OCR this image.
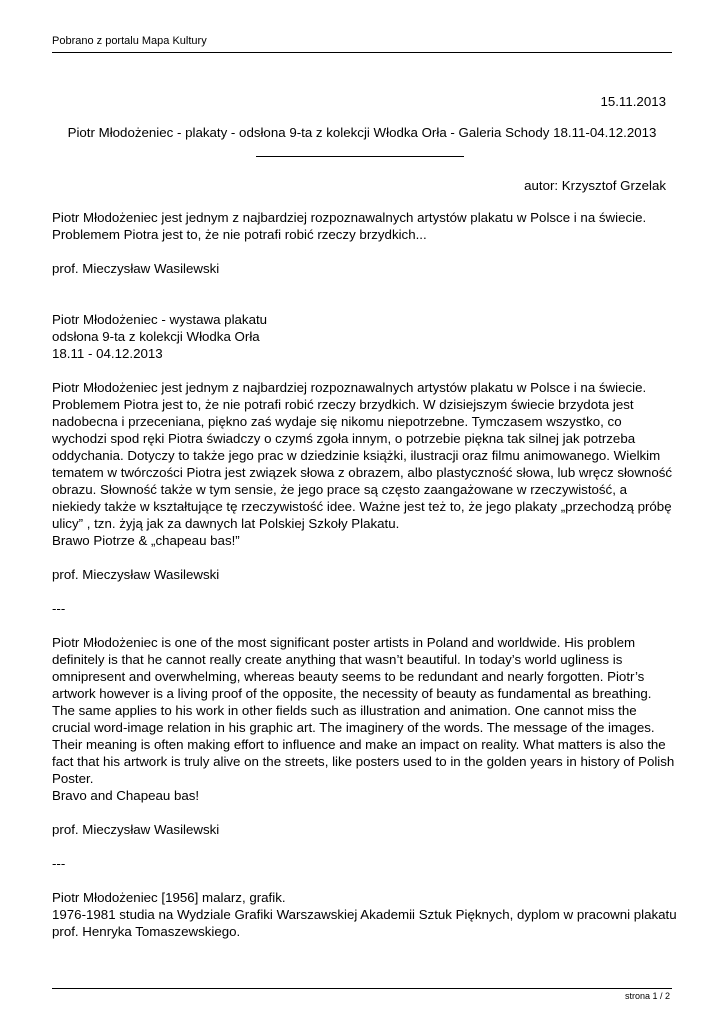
Pobrano z portalu Mapa Kultury
15.11.2013
Piotr Młodożeniec - plakaty - odsłona 9-ta z kolekcji Włodka Orła - Galeria Schody 18.11-04.12.2013
autor: Krzysztof Grzelak

Piotr Młodożeniec jest jednym z najbardziej rozpoznawalnych artystów plakatu w Polsce i na świecie. Problemem Piotra jest to, że nie potrafi robić rzeczy brzydkich...

prof. Mieczysław Wasilewski

Piotr Młodożeniec - wystawa plakatu
odsłona 9-ta z kolekcji Włodka Orła
18.11 - 04.12.2013

Piotr Młodożeniec jest jednym z najbardziej rozpoznawalnych artystów plakatu w Polsce i na świecie. Problemem Piotra jest to, że nie potrafi robić rzeczy brzydkich. W dzisiejszym świecie brzydota jest nadobecna i przeceniana, piękno zaś wydaje się nikomu niepotrzebne. Tymczasem wszystko, co wychodzi spod ręki Piotra świadczy o czymś zgoła innym, o potrzebie piękna tak silnej jak potrzeba oddychania. Dotyczy to także jego prac w dziedzinie książki, ilustracji oraz filmu animowanego. Wielkim tematem w twórczości Piotra jest związek słowa z obrazem, albo plastyczność słowa, lub wręcz słowność obrazu. Słowność także w tym sensie, że jego prace są często zaangażowane w rzeczywistość, a niekiedy także w kształtujące tę rzeczywistość idee. Ważne jest też to, że jego plakaty „przechodzą próbę ulicy” , tzn. żyją jak za dawnych lat Polskiej Szkoły Plakatu.
Brawo Piotrze & „chapeau bas!”

prof. Mieczysław Wasilewski

---

Piotr Młodożeniec is one of the most significant poster artists in Poland and worldwide. His problem definitely is that he cannot really create anything that wasn’t beautiful. In today’s world ugliness is omnipresent and overwhelming, whereas beauty seems to be redundant and nearly forgotten. Piotr’s artwork however is a living proof of the opposite, the necessity of beauty as fundamental as breathing. The same applies to his work in other fields such as illustration and animation. One cannot miss the crucial word-image relation in his graphic art. The imaginery of the words. The message of the images. Their meaning is often making effort to influence and make an impact on reality. What matters is also the fact that his artwork is truly alive on the streets, like posters used to in the golden years in history of Polish Poster.
Bravo and Chapeau bas!

prof. Mieczysław Wasilewski

---

Piotr Młodożeniec [1956] malarz, grafik.
1976-1981 studia na Wydziale Grafiki Warszawskiej Akademii Sztuk Pięknych, dyplom w pracowni plakatu prof. Henryka Tomaszewskiego.

strona 1 / 2
